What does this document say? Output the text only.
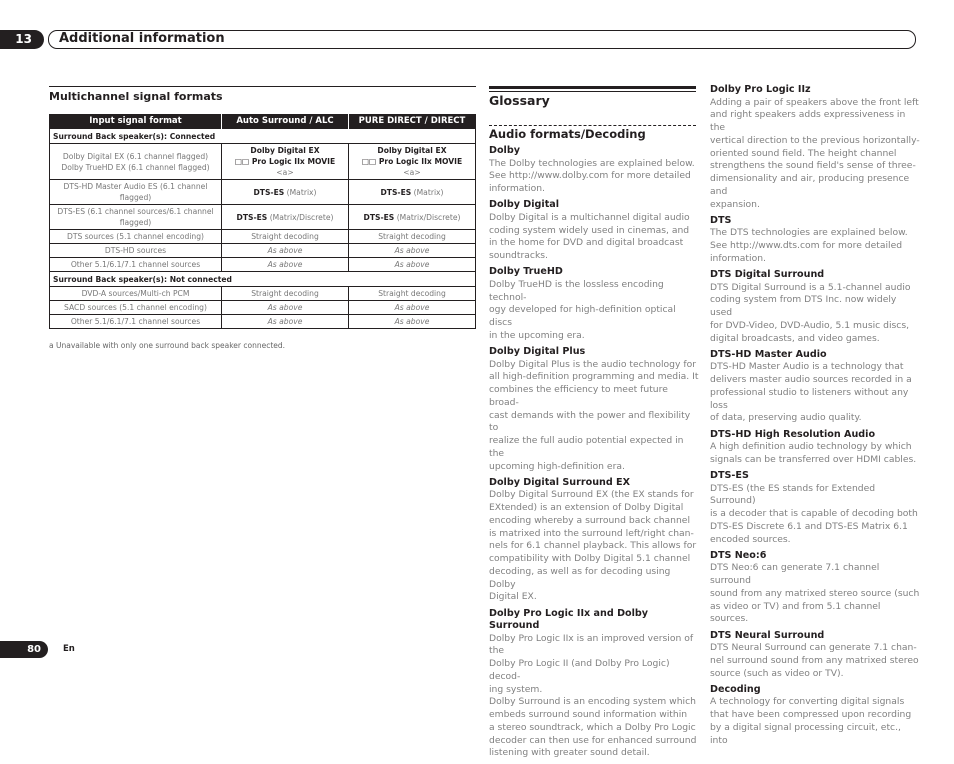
13	Additional information
Multichannel signal formats
Input signal format	Auto Surround / ALC	PURE DIRECT / DIRECT
Surround Back speaker(s): Connected		
Dolby Digital EX (6.1 channel flagged)
Dolby TrueHD EX (6.1 channel flagged)	Dolby Digital EX
□□ Pro Logic IIx MOVIE
<a>	Dolby Digital EX
□□ Pro Logic IIx MOVIE
<a>
DTS-HD Master Audio ES (6.1 channel flagged)	DTS-ES (Matrix)	DTS-ES (Matrix)
DTS-ES (6.1 channel sources/6.1 channel flagged)	DTS-ES (Matrix/Discrete)	DTS-ES (Matrix/Discrete)
DTS sources (5.1 channel encoding)	Straight decoding	Straight decoding
DTS-HD sources	As above	As above
Other 5.1/6.1/7.1 channel sources	As above	As above
Surround Back speaker(s): Not connected		
DVD-A sources/Multi-ch PCM	Straight decoding	Straight decoding
SACD sources (5.1 channel encoding)	As above	As above
Other 5.1/6.1/7.1 channel sources	As above	As above
a Unavailable with only one surround back speaker connected.
Glossary
Audio formats/Decoding
Dolby

The Dolby technologies are explained below.
See http://www.dolby.com for more detailed
information.

Dolby Digital

Dolby Digital is a multichannel digital audio
coding system widely used in cinemas, and
in the home for DVD and digital broadcast
soundtracks.

Dolby TrueHD

Dolby TrueHD is the lossless encoding technol-
ogy developed for high-definition optical discs
in the upcoming era.

Dolby Digital Plus

Dolby Digital Plus is the audio technology for
all high-definition programming and media. It
combines the efficiency to meet future broad-
cast demands with the power and flexibility to
realize the full audio potential expected in the
upcoming high-definition era.

Dolby Digital Surround EX

Dolby Digital Surround EX (the EX stands for
EXtended) is an extension of Dolby Digital
encoding whereby a surround back channel
is matrixed into the surround left/right chan-
nels for 6.1 channel playback. This allows for
compatibility with Dolby Digital 5.1 channel
decoding, as well as for decoding using Dolby
Digital EX.

Dolby Pro Logic IIx and Dolby Surround

Dolby Pro Logic IIx is an improved version of the
Dolby Pro Logic II (and Dolby Pro Logic) decod-
ing system.
Dolby Surround is an encoding system which
embeds surround sound information within
a stereo soundtrack, which a Dolby Pro Logic
decoder can then use for enhanced surround
listening with greater sound detail.

Dolby Pro Logic IIz

Adding a pair of speakers above the front left
and right speakers adds expressiveness in the
vertical direction to the previous horizontally-
oriented sound field. The height channel
strengthens the sound field's sense of three-
dimensionality and air, producing presence and
expansion.

DTS

The DTS technologies are explained below.
See http://www.dts.com for more detailed
information.

DTS Digital Surround

DTS Digital Surround is a 5.1-channel audio
coding system from DTS Inc. now widely used
for DVD-Video, DVD-Audio, 5.1 music discs,
digital broadcasts, and video games.

DTS-HD Master Audio

DTS-HD Master Audio is a technology that
delivers master audio sources recorded in a
professional studio to listeners without any loss
of data, preserving audio quality.

DTS-HD High Resolution Audio

A high definition audio technology by which
signals can be transferred over HDMI cables.

DTS-ES

DTS-ES (the ES stands for Extended Surround)
is a decoder that is capable of decoding both
DTS-ES Discrete 6.1 and DTS-ES Matrix 6.1
encoded sources.

DTS Neo:6

DTS Neo:6 can generate 7.1 channel surround
sound from any matrixed stereo source (such
as video or TV) and from 5.1 channel sources.

DTS Neural Surround

DTS Neural Surround can generate 7.1 chan-
nel surround sound from any matrixed stereo
source (such as video or TV).

Decoding

A technology for converting digital signals
that have been compressed upon recording
by a digital signal processing circuit, etc., into

80	En
